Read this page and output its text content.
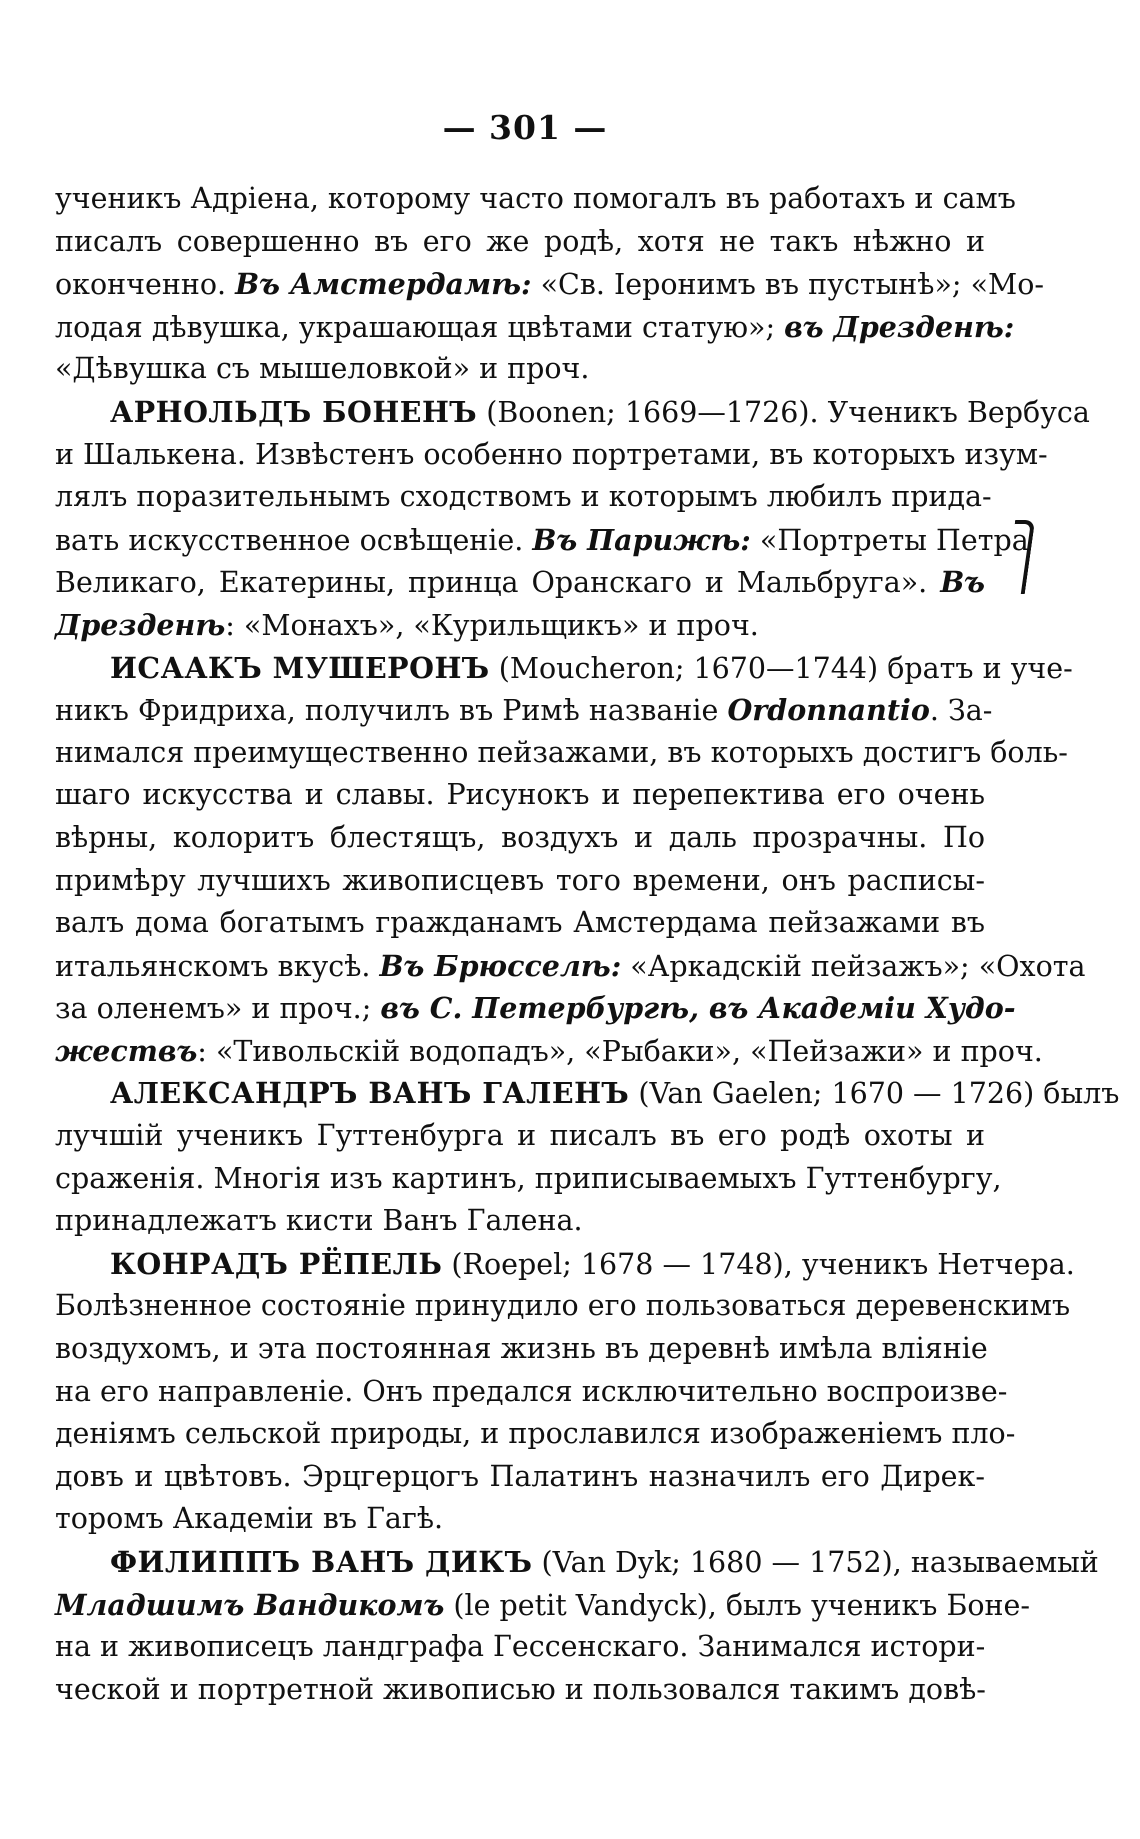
— 301 —
ученикъ Адріена, которому часто помогалъ въ работахъ и самъ
писалъ совершенно въ его же родѣ, хотя не такъ нѣжно и
оконченно. Въ Амстердамѣ: «Св. Іеронимъ въ пустынѣ»; «Мо-
лодая дѣвушка, украшающая цвѣтами статую»; въ Дрезденѣ:
«Дѣвушка съ мышеловкой» и проч.
АРНОЛЬДЪ БОНЕНЪ (Boonen; 1669—1726). Ученикъ Вербуса
и Шалькена. Извѣстенъ особенно портретами, въ которыхъ изум-
лялъ поразительнымъ сходствомъ и которымъ любилъ прида-
вать искусственное освѣщеніе. Въ Парижѣ: «Портреты Петра
Великаго, Екатерины, принца Оранскаго и Мальбруга». Въ
Дрезденѣ: «Монахъ», «Курильщикъ» и проч.
ИСААКЪ МУШЕРОНЪ (Moucheron; 1670—1744) братъ и уче-
никъ Фридриха, получилъ въ Римѣ названіе Ordonnantio. За-
нимался преимущественно пейзажами, въ которыхъ достигъ боль-
шаго искусства и славы. Рисунокъ и перепектива его очень
вѣрны, колоритъ блестящъ, воздухъ и даль прозрачны. По
примѣру лучшихъ живописцевъ того времени, онъ расписы-
валъ дома богатымъ гражданамъ Амстердама пейзажами въ
итальянскомъ вкусѣ. Въ Брюсселѣ: «Аркадскій пейзажъ»; «Охота
за оленемъ» и проч.; въ С. Петербургѣ, въ Академіи Худо-
жествъ: «Тивольскій водопадъ», «Рыбаки», «Пейзажи» и проч.
АЛЕКСАНДРЪ ВАНЪ ГАЛЕНЪ (Van Gaelen; 1670 — 1726) былъ
лучшій ученикъ Гуттенбурга и писалъ въ его родѣ охоты и
сраженія. Многія изъ картинъ, приписываемыхъ Гуттенбургу,
принадлежатъ кисти Ванъ Галена.
КОНРАДЪ РЁПЕЛЬ (Roepel; 1678 — 1748), ученикъ Нетчера.
Болѣзненное состояніе принудило его пользоваться деревенскимъ
воздухомъ, и эта постоянная жизнь въ деревнѣ имѣла вліяніе
на его направленіе. Онъ предался исключительно воспроизве-
деніямъ сельской природы, и прославился изображеніемъ пло-
довъ и цвѣтовъ. Эрцгерцогъ Палатинъ назначилъ его Дирек-
торомъ Академіи въ Гагѣ.
ФИЛИППЪ ВАНЪ ДИКЪ (Van Dyk; 1680 — 1752), называемый
Младшимъ Вандикомъ (le petit Vandyck), былъ ученикъ Боне-
на и живописецъ ландграфа Гессенскаго. Занимался истори-
ческой и портретной живописью и пользовался такимъ довѣ-
